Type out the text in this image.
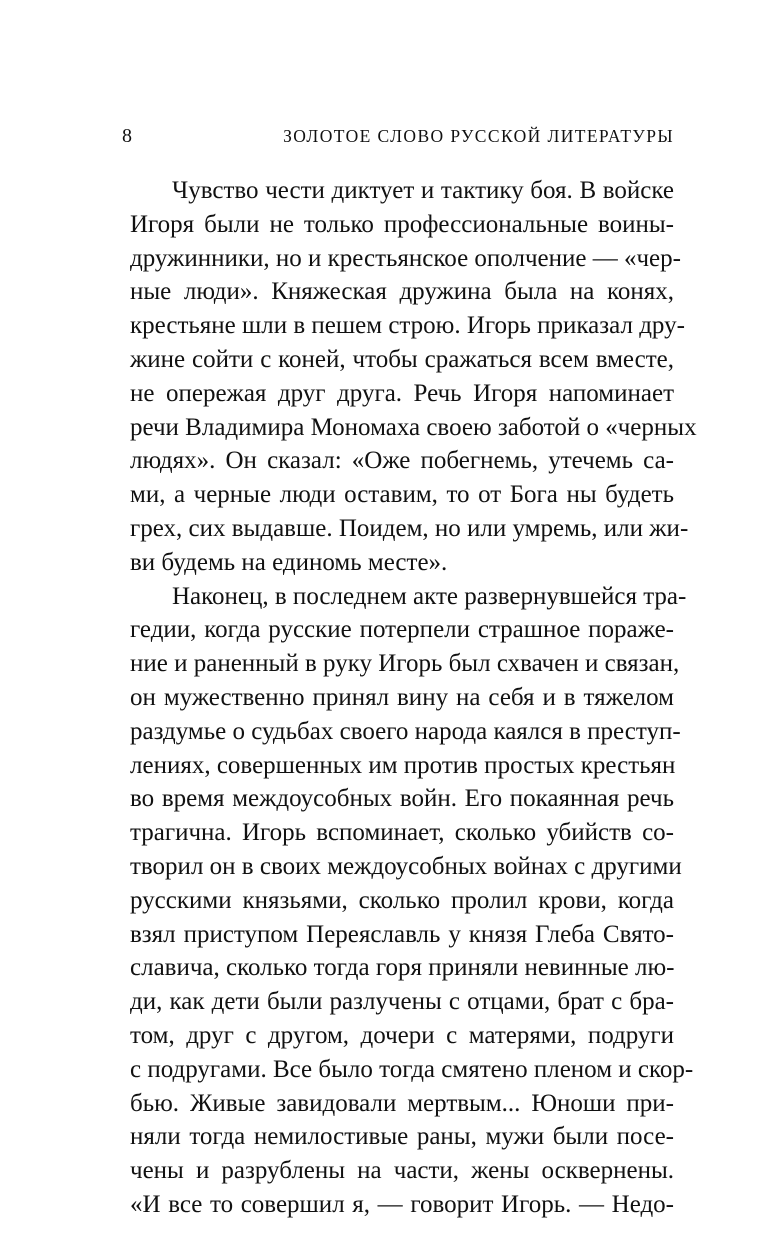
8	ЗОЛОТОЕ СЛОВО РУССКОЙ ЛИТЕРАТУРЫ
Чувство чести диктует и тактику боя. В войске
Игоря были не только профессиональные воины-
дружинники, но и крестьянское ополчение — «чер-
ные люди». Княжеская дружина была на конях,
крестьяне шли в пешем строю. Игорь приказал дру-
жине сойти с коней, чтобы сражаться всем вместе,
не опережая друг друга. Речь Игоря напоминает
речи Владимира Мономаха своею заботой о «черных
людях». Он сказал: «Оже побегнемь, утечемь са-
ми, а черные люди оставим, то от Бога ны будеть
грех, сих выдавше. Поидем, но или умремь, или жи-
ви будемь на единомь месте».
Наконец, в последнем акте развернувшейся тра-
гедии, когда русские потерпели страшное пораже-
ние и раненный в руку Игорь был схвачен и связан,
он мужественно принял вину на себя и в тяжелом
раздумье о судьбах своего народа каялся в преступ-
лениях, совершенных им против простых крестьян
во время междоусобных войн. Его покаянная речь
трагична. Игорь вспоминает, сколько убийств со-
творил он в своих междоусобных войнах с другими
русскими князьями, сколько пролил крови, когда
взял приступом Переяславль у князя Глеба Свято-
славича, сколько тогда горя приняли невинные лю-
ди, как дети были разлучены с отцами, брат с бра-
том, друг с другом, дочери с матерями, подруги
с подругами. Все было тогда смятено пленом и скор-
бью. Живые завидовали мертвым... Юноши при-
няли тогда немилостивые раны, мужи были посе-
чены и разрублены на части, жены осквернены.
«И все то совершил я, — говорит Игорь. — Недо-
